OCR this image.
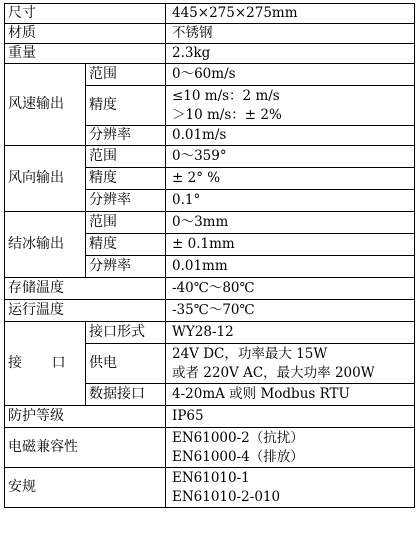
尺寸		445×275×275mm
材质		不锈钢
重量		2.3kg
风速输出	范围	0～60m/s
	精度	≤10 m/s：2 m/s
＞10 m/s：± 2%

	分辨率	0.01m/s
风向输出	范围	0～359°
	精度	± 2° %
	分辨率	0.1°
结冰输出	范围	0～3mm
	精度	± 0.1mm
	分辨率	0.01mm
存储温度		-40℃～80℃
运行温度		-35℃～70℃
接 口	接口形式	WY28-12
	供电	24V DC，功率最大 15W
或者 220V AC，最大功率 200W

	数据接口	4-20mA 或则 Modbus RTU
防护等级		IP65
电磁兼容性		EN61000-2（抗扰）
EN61000-4（排放）

安规		EN61010-1
EN61010-2-010
